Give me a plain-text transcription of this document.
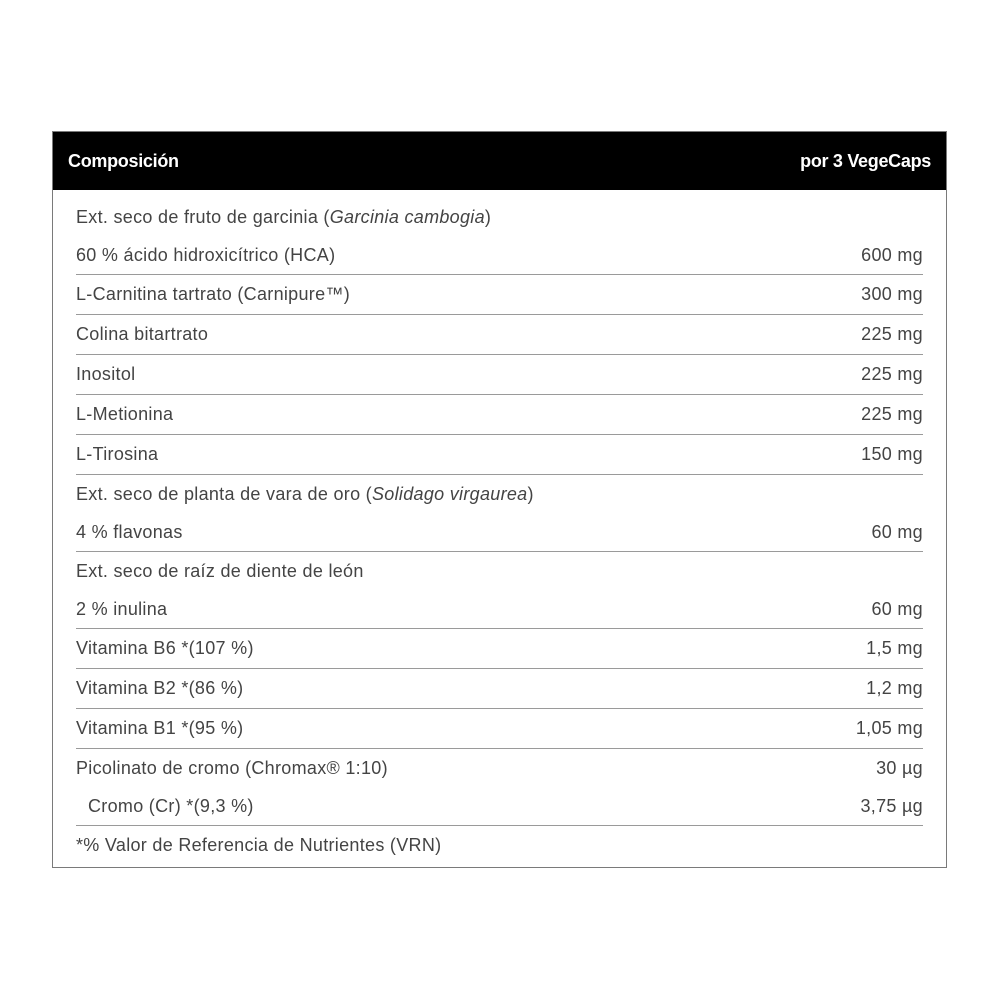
Composición	por 3 VegeCaps
Ext. seco de fruto de garcinia (Garcinia cambogia)
60 % ácido hidroxicítrico (HCA)	600 mg
L-Carnitina tartrato (Carnipure™)	300 mg
Colina bitartrato	225 mg
Inositol	225 mg
L-Metionina	225 mg
L-Tirosina	150 mg
Ext. seco de planta de vara de oro (Solidago virgaurea)
4 % flavonas	60 mg
Ext. seco de raíz de diente de león
2 % inulina	60 mg
Vitamina B6 *(107 %)	1,5 mg
Vitamina B2 *(86 %)	1,2 mg
Vitamina B1 *(95 %)	1,05 mg
Picolinato de cromo (Chromax® 1:10)	30 µg
Cromo (Cr) *(9,3 %)	3,75 µg
*% Valor de Referencia de Nutrientes (VRN)
